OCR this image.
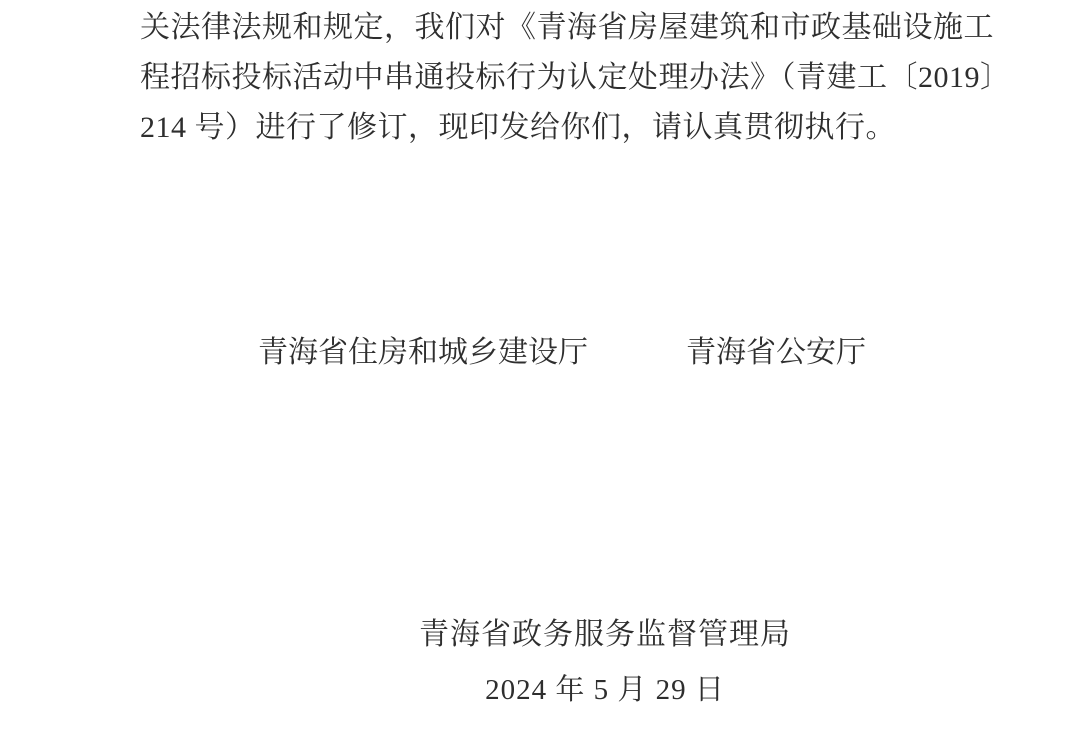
关法律法规和规定，我们对《青海省房屋建筑和市政基础设施工
程招标投标活动中串通投标行为认定处理办法》（青建工〔2019〕
214 号）进行了修订，现印发给你们，请认真贯彻执行。
青海省住房和城乡建设厅	青海省公安厅
青海省政务服务监督管理局
2024 年 5 月 29 日
